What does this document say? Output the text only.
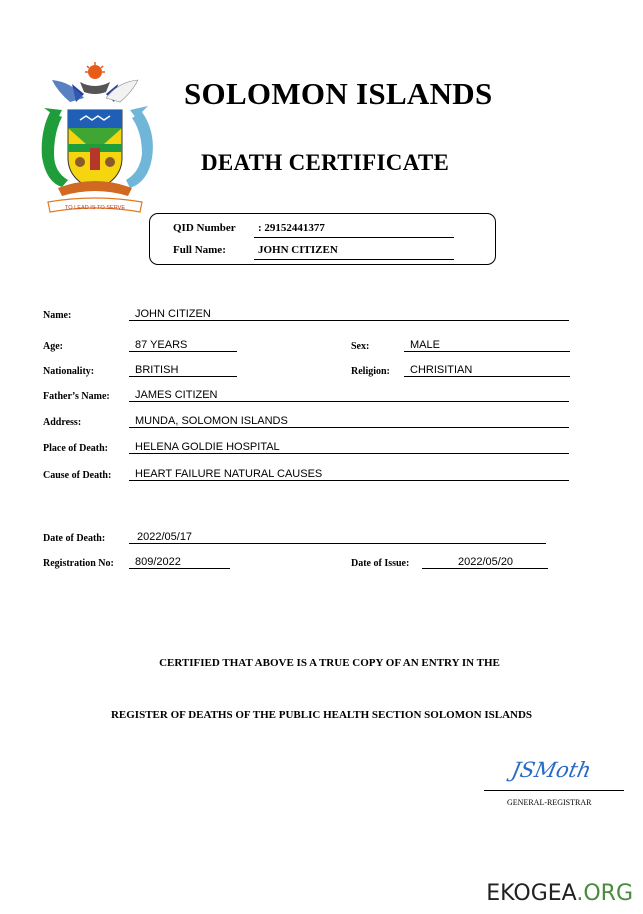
TO LEAD IS TO SERVE
SOLOMON ISLANDS
DEATH CERTIFICATE
QID Number : 29152441377
Full Name:	JOHN CITIZEN
Name:	JOHN CITIZEN
Age:	87 YEARS	Sex:	MALE
Nationality:	BRITISH	Religion: CHRISITIAN
Father’s Name: JAMES CITIZEN
Address:	MUNDA, SOLOMON ISLANDS
Place of Death: HELENA GOLDIE HOSPITAL
Cause of Death: HEART FAILURE NATURAL CAUSES
Date of Death:	2022/05/17
Registration No: 809/2022	Date of Issue:	2022/05/20
CERTIFIED THAT ABOVE IS A TRUE COPY OF AN ENTRY IN THE
REGISTER OF DEATHS OF THE PUBLIC HEALTH SECTION SOLOMON ISLANDS
JSMoth
GENERAL-REGISTRAR
EKOGEA.ORG
